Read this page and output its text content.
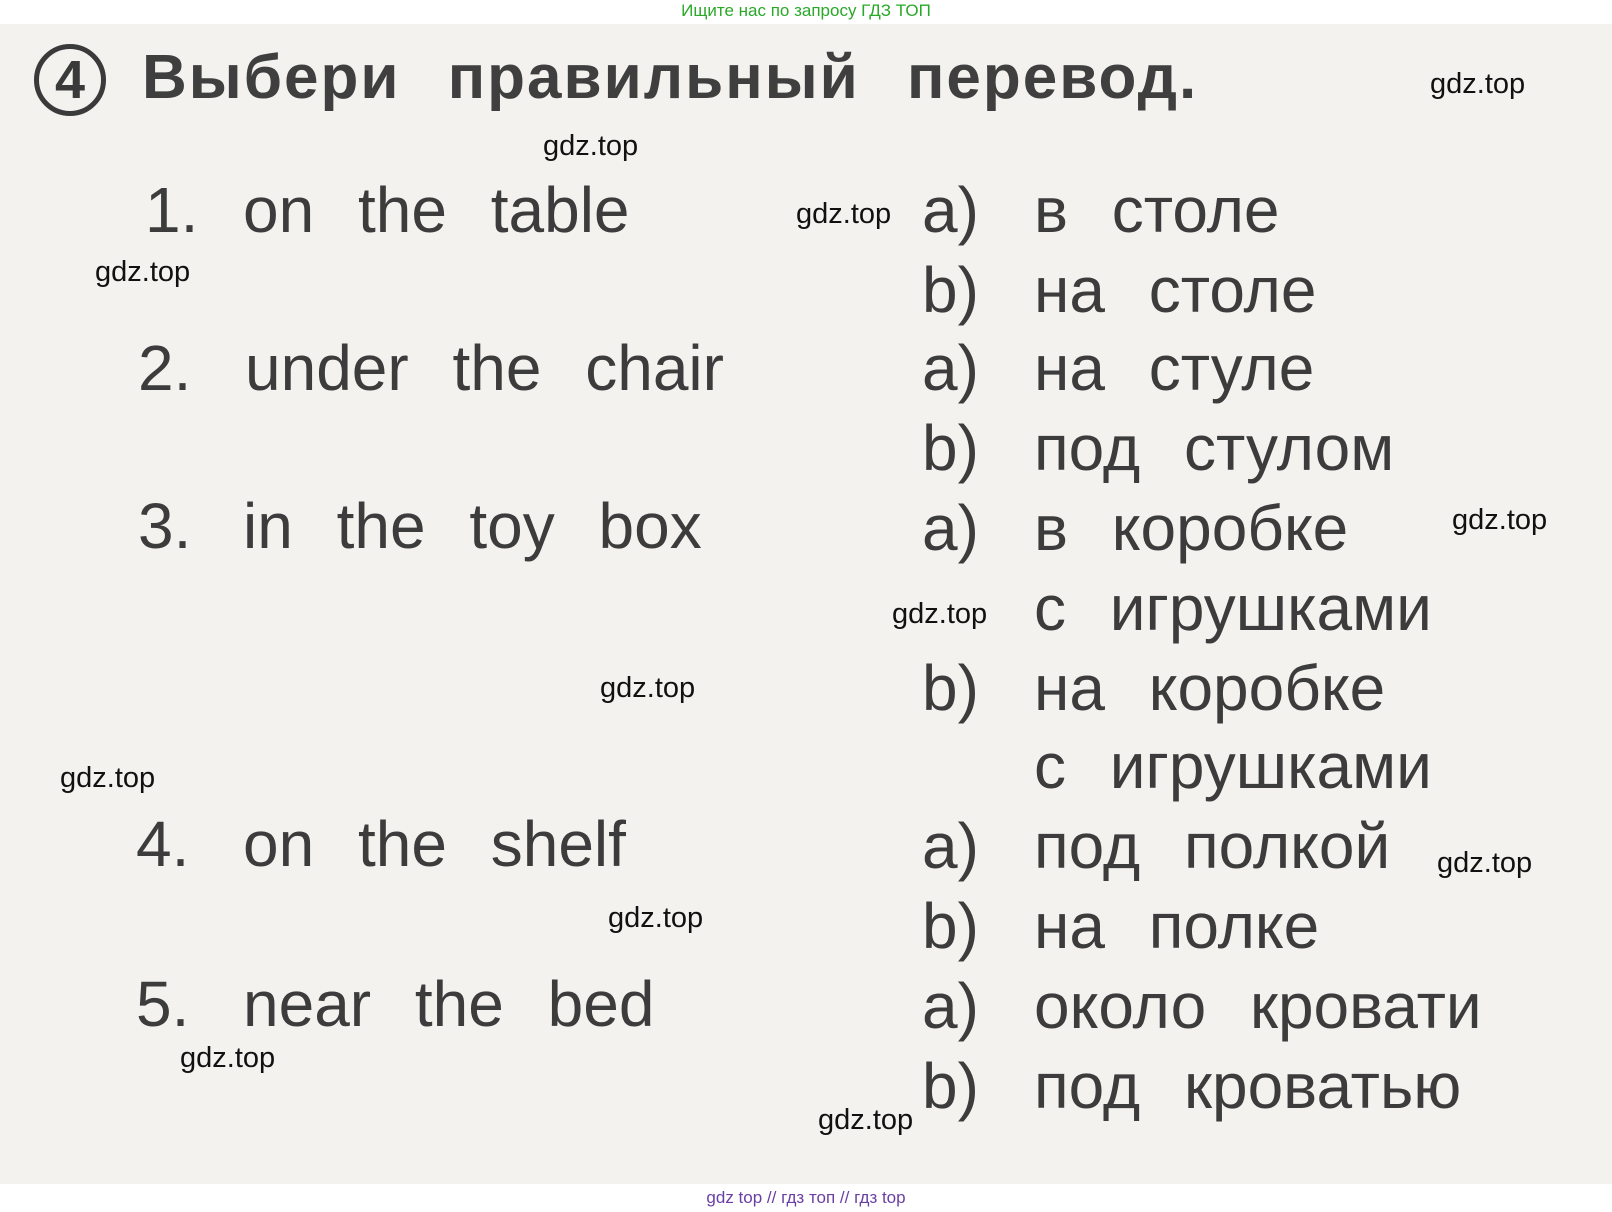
Ищите нас по запросу ГДЗ ТОП
4 Выбери правильный перевод.
1. on the table	a) в столе
b) на столе
2. under the chair	a) на стуле
b) под стулом
3. in the toy box	a) в коробке
с игрушками
b) на коробке
с игрушками
4. on the shelf	a) под полкой
b) на полке
5. near the bed	a) около кровати
b) под кроватью
gdz.top
gdz.top
gdz.top
gdz.top
gdz.top
gdz.top
gdz.top
gdz.top
gdz.top
gdz.top
gdz.top
gdz.top
gdz top // гдз топ // гдз top
